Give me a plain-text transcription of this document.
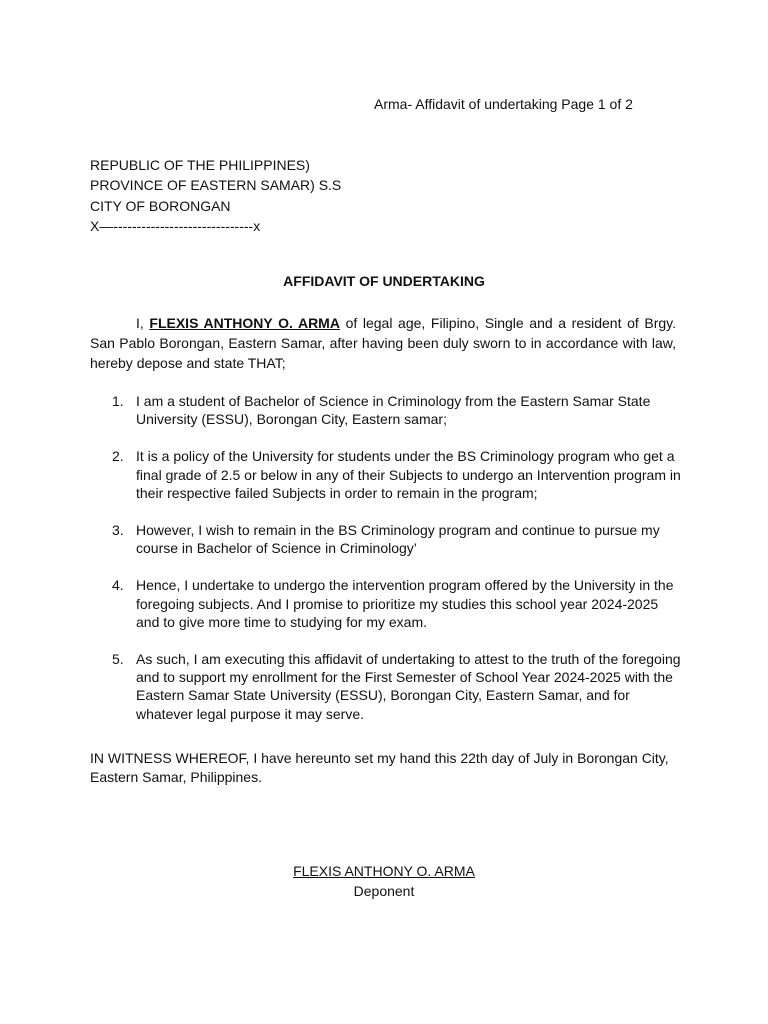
Arma- Affidavit of undertaking Page 1 of 2
REPUBLIC OF THE PHILIPPINES)
PROVINCE OF EASTERN SAMAR) S.S
CITY OF BORONGAN
X—------------------------------x
AFFIDAVIT OF UNDERTAKING
I, FLEXIS ANTHONY O. ARMA of legal age, Filipino, Single and a resident of Brgy. San Pablo Borongan, Eastern Samar, after having been duly sworn to in accordance with law, hereby depose and state THAT;
1. I am a student of Bachelor of Science in Criminology from the Eastern Samar State University (ESSU), Borongan City, Eastern samar;
2. It is a policy of the University for students under the BS Criminology program who get a final grade of 2.5 or below in any of their Subjects to undergo an Intervention program in their respective failed Subjects in order to remain in the program;
3. However, I wish to remain in the BS Criminology program and continue to pursue my course in Bachelor of Science in Criminology’
4. Hence, I undertake to undergo the intervention program offered by the University in the foregoing subjects. And I promise to prioritize my studies this school year 2024-2025 and to give more time to studying for my exam.
5. As such, I am executing this affidavit of undertaking to attest to the truth of the foregoing and to support my enrollment for the First Semester of School Year 2024-2025 with the Eastern Samar State University (ESSU), Borongan City, Eastern Samar, and for whatever legal purpose it may serve.
IN WITNESS WHEREOF, I have hereunto set my hand this 22th day of July in Borongan City, Eastern Samar, Philippines.
FLEXIS ANTHONY O. ARMA
Deponent
